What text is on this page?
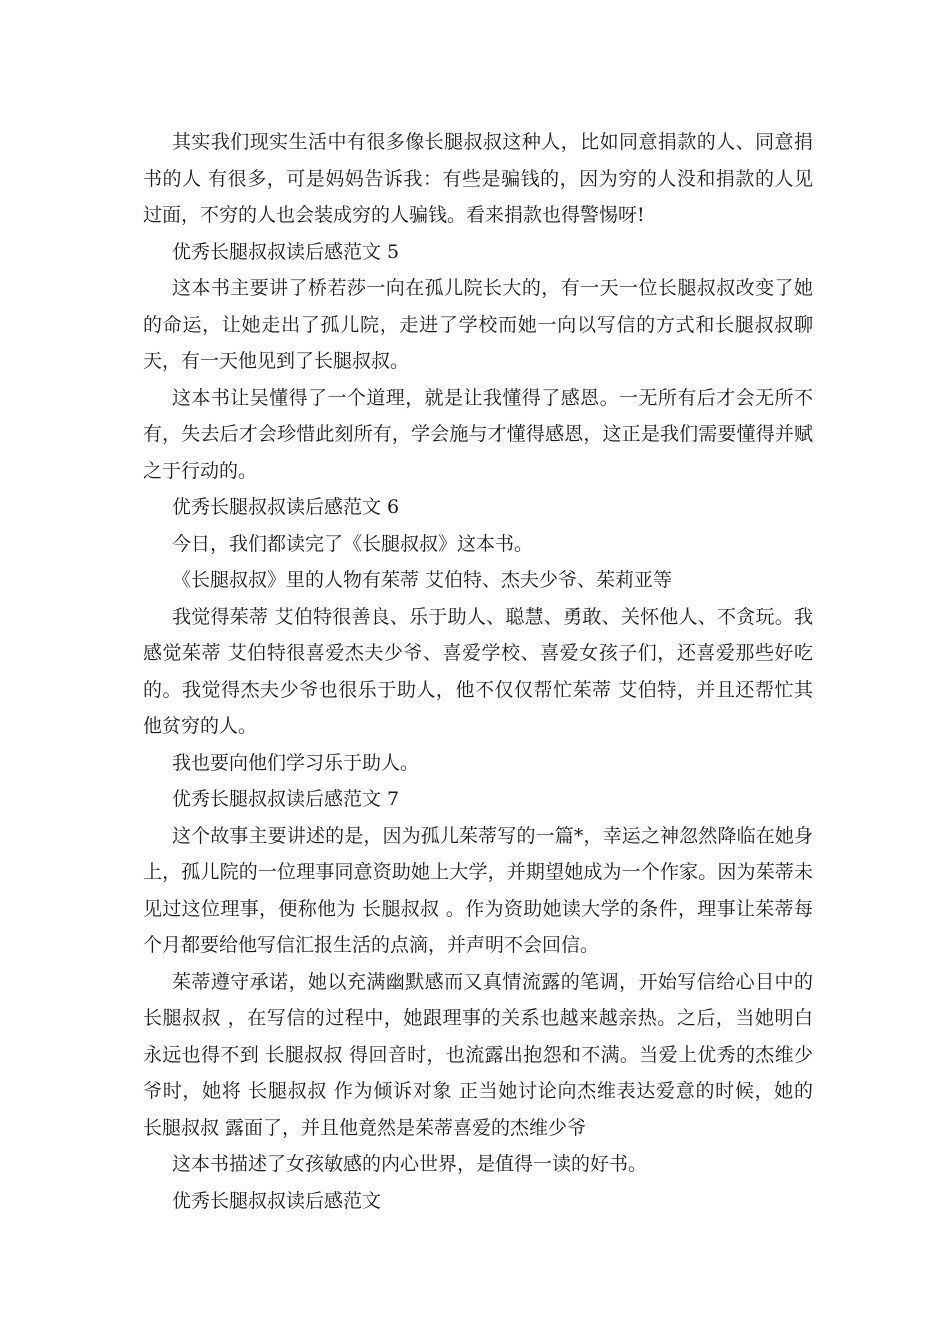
其实我们现实生活中有很多像长腿叔叔这种人，比如同意捐款的人、同意捐书的人 有很多，可是妈妈告诉我：有些是骗钱的，因为穷的人没和捐款的人见过面，不穷的人也会装成穷的人骗钱。看来捐款也得警惕呀!

优秀长腿叔叔读后感范文 5

这本书主要讲了桥若莎一向在孤儿院长大的，有一天一位长腿叔叔改变了她的命运，让她走出了孤儿院，走进了学校而她一向以写信的方式和长腿叔叔聊天，有一天他见到了长腿叔叔。

这本书让吴懂得了一个道理，就是让我懂得了感恩。一无所有后才会无所不有，失去后才会珍惜此刻所有，学会施与才懂得感恩，这正是我们需要懂得并赋之于行动的。

优秀长腿叔叔读后感范文 6

今日，我们都读完了《长腿叔叔》这本书。

《长腿叔叔》里的人物有茱蒂 艾伯特、杰夫少爷、茱莉亚等

我觉得茱蒂 艾伯特很善良、乐于助人、聪慧、勇敢、关怀他人、不贪玩。我感觉茱蒂 艾伯特很喜爱杰夫少爷、喜爱学校、喜爱女孩子们，还喜爱那些好吃的。我觉得杰夫少爷也很乐于助人，他不仅仅帮忙茱蒂 艾伯特，并且还帮忙其他贫穷的人。

我也要向他们学习乐于助人。

优秀长腿叔叔读后感范文 7

这个故事主要讲述的是，因为孤儿茱蒂写的一篇*，幸运之神忽然降临在她身上，孤儿院的一位理事同意资助她上大学，并期望她成为一个作家。因为茱蒂未见过这位理事，便称他为 长腿叔叔 。作为资助她读大学的条件，理事让茱蒂每个月都要给他写信汇报生活的点滴，并声明不会回信。

茱蒂遵守承诺，她以充满幽默感而又真情流露的笔调，开始写信给心目中的长腿叔叔 ，在写信的过程中，她跟理事的关系也越来越亲热。之后，当她明白永远也得不到 长腿叔叔 得回音时，也流露出抱怨和不满。当爱上优秀的杰维少爷时，她将 长腿叔叔 作为倾诉对象 正当她讨论向杰维表达爱意的时候，她的 长腿叔叔 露面了，并且他竟然是茱蒂喜爱的杰维少爷

这本书描述了女孩敏感的内心世界，是值得一读的好书。

优秀长腿叔叔读后感范文
